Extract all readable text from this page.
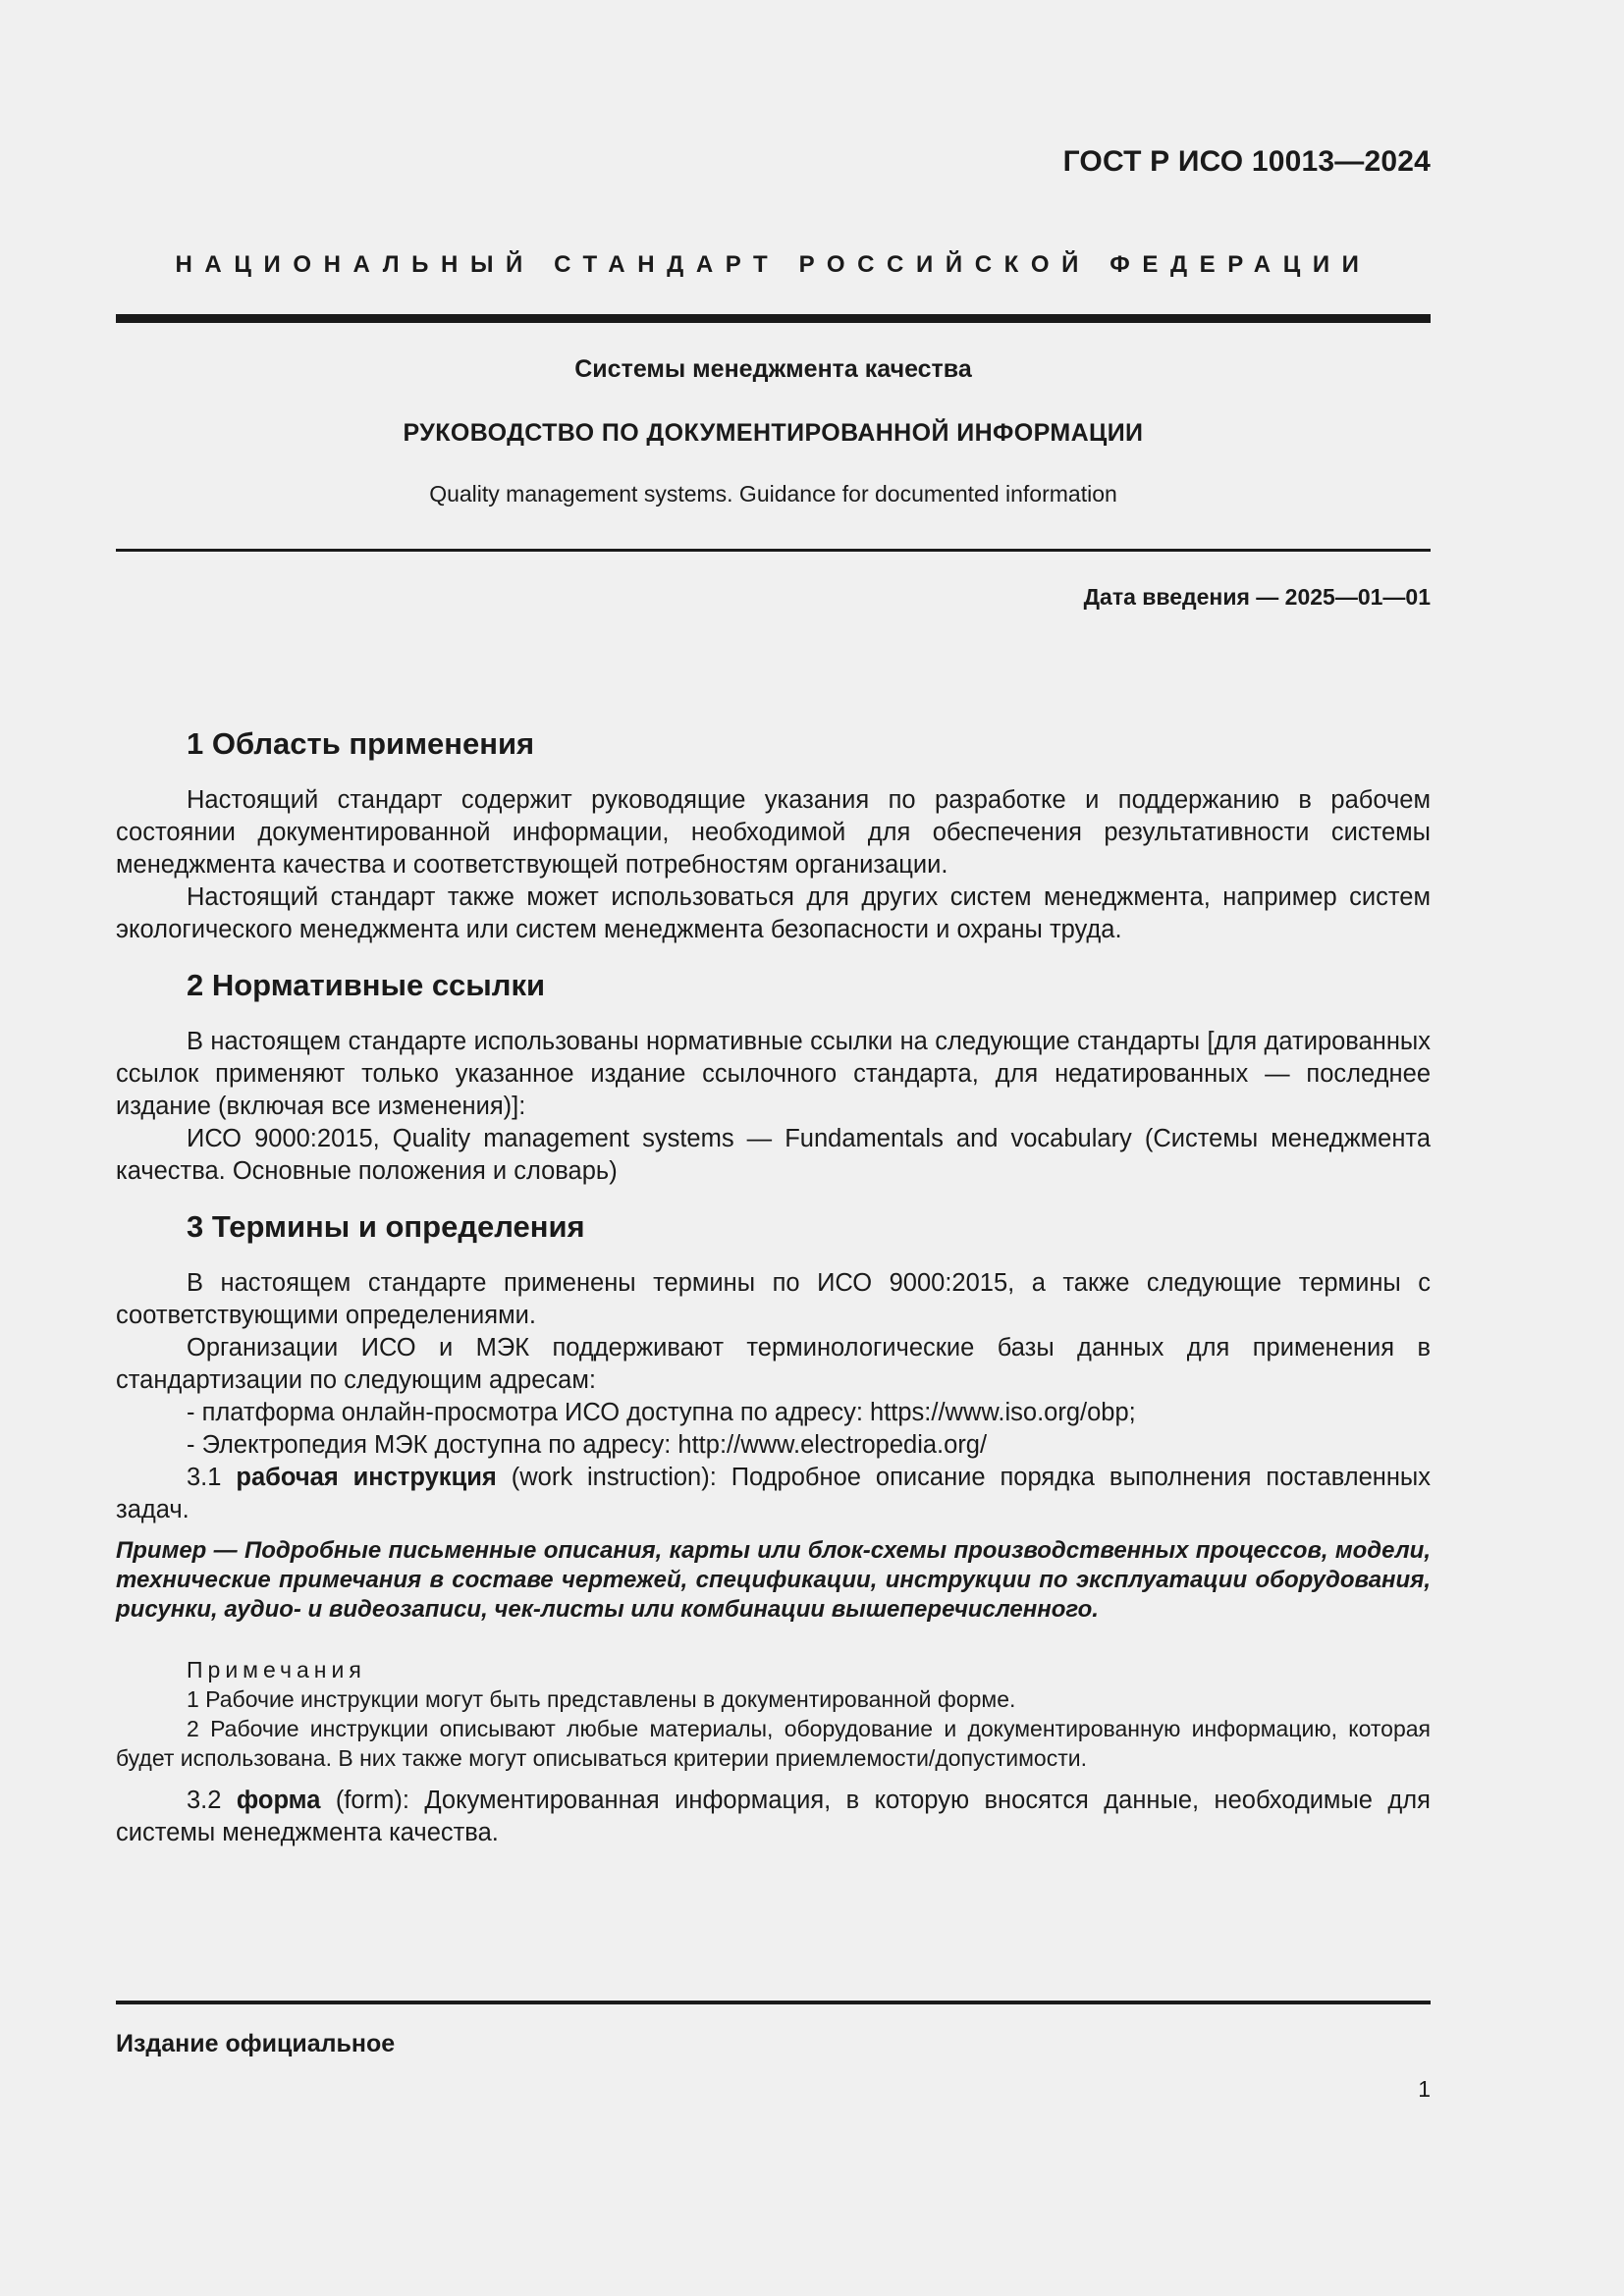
ГОСТ Р ИСО 10013—2024
НАЦИОНАЛЬНЫЙ СТАНДАРТ РОССИЙСКОЙ ФЕДЕРАЦИИ
Системы менеджмента качества
РУКОВОДСТВО ПО ДОКУМЕНТИРОВАННОЙ ИНФОРМАЦИИ
Quality management systems. Guidance for documented information
Дата введения — 2025—01—01
1 Область применения

Настоящий стандарт содержит руководящие указания по разработке и поддержанию в рабочем состоянии документированной информации, необходимой для обеспечения результативности системы менеджмента качества и соответствующей потребностям организации.

Настоящий стандарт также может использоваться для других систем менеджмента, например систем экологического менеджмента или систем менеджмента безопасности и охраны труда.

2 Нормативные ссылки

В настоящем стандарте использованы нормативные ссылки на следующие стандарты [для датированных ссылок применяют только указанное издание ссылочного стандарта, для недатированных — последнее издание (включая все изменения)]:

ИСО 9000:2015, Quality management systems — Fundamentals and vocabulary (Системы менеджмента качества. Основные положения и словарь)

3 Термины и определения

В настоящем стандарте применены термины по ИСО 9000:2015, а также следующие термины с соответствующими определениями.

Организации ИСО и МЭК поддерживают терминологические базы данных для применения в стандартизации по следующим адресам:

- платформа онлайн-просмотра ИСО доступна по адресу: https://www.iso.org/obp;

- Электропедия МЭК доступна по адресу: http://www.electropedia.org/

3.1 рабочая инструкция (work instruction): Подробное описание порядка выполнения поставленных задач.

Пример — Подробные письменные описания, карты или блок-схемы производственных процессов, модели, технические примечания в составе чертежей, спецификации, инструкции по эксплуатации оборудования, рисунки, аудио- и видеозаписи, чек-листы или комбинации вышеперечисленного.

Примечания

1 Рабочие инструкции могут быть представлены в документированной форме.

2 Рабочие инструкции описывают любые материалы, оборудование и документированную информацию, которая будет использована. В них также могут описываться критерии приемлемости/допустимости.

3.2 форма (form): Документированная информация, в которую вносятся данные, необходимые для системы менеджмента качества.

Издание официальное
1
